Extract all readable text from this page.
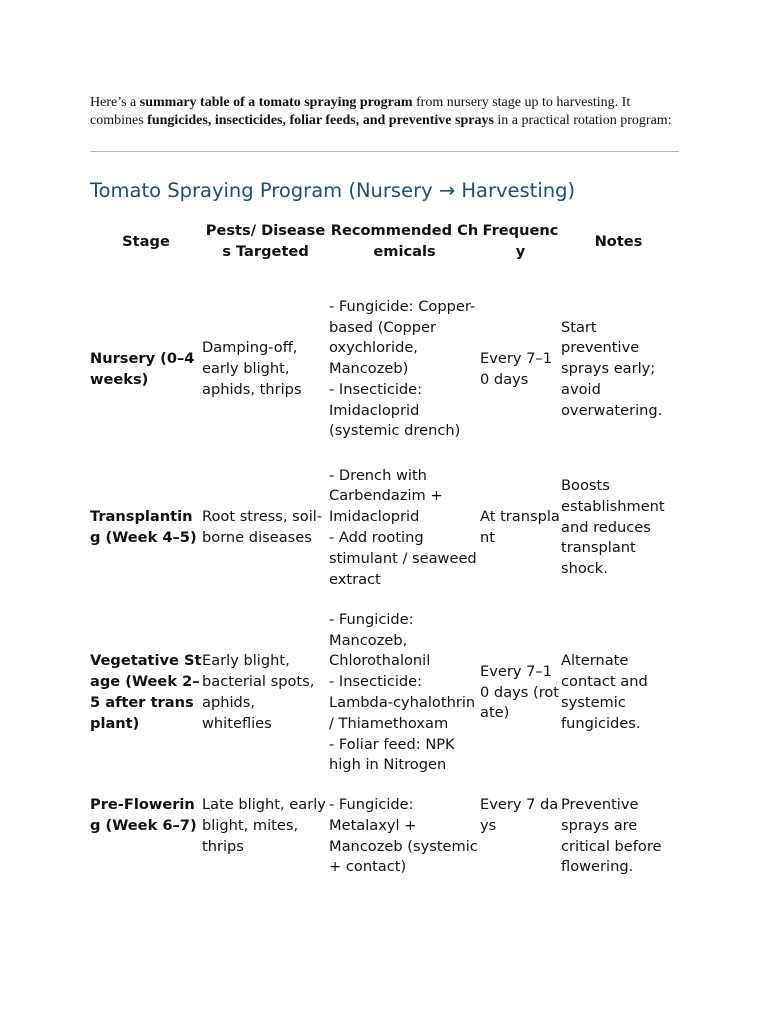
Here’s a summary table of a tomato spraying program from nursery stage up to harvesting. It combines fungicides, insecticides, foliar feeds, and preventive sprays in a practical rotation program:

Tomato Spraying Program (Nursery → Harvesting)
Stage	Pests/ Diseases Targeted	Recommended Chemicals	Frequency	Notes
Nursery (0–4 weeks)	Damping-off, early blight, aphids, thrips	- Fungicide: Copper-based (Copper oxychloride, Mancozeb)
- Insecticide: Imidacloprid (systemic drench)	Every 7–10 days	Start preventive sprays early; avoid overwatering.
Transplanting (Week 4–5)	Root stress, soil-borne diseases	- Drench with Carbendazim + Imidacloprid
- Add rooting stimulant / seaweed extract	At transplant	Boosts establishment and reduces transplant shock.
Vegetative Stage (Week 2–5 after transplant)	Early blight, bacterial spots, aphids, whiteflies	- Fungicide: Mancozeb, Chlorothalonil
- Insecticide: Lambda-cyhalothrin / Thiamethoxam
- Foliar feed: NPK high in Nitrogen	Every 7–10 days (rotate)	Alternate contact and systemic fungicides.
Pre-Flowering (Week 6–7)	Late blight, early blight, mites, thrips	- Fungicide: Metalaxyl + Mancozeb (systemic + contact)	Every 7 days	Preventive sprays are critical before flowering.
